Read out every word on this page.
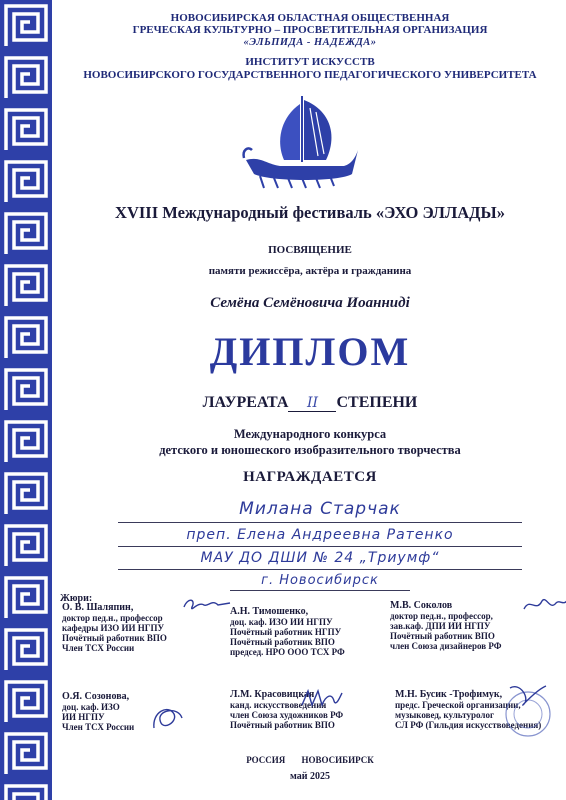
НОВОСИБИРСКАЯ ОБЛАСТНАЯ ОБЩЕСТВЕННАЯ
ГРЕЧЕСКАЯ КУЛЬТУРНО – ПРОСВЕТИТЕЛЬНАЯ ОРГАНИЗАЦИЯ
«ЭЛЬПИДА - НАДЕЖДА»
ИНСТИТУТ ИСКУССТВ
НОВОСИБИРСКОГО ГОСУДАРСТВЕННОГО ПЕДАГОГИЧЕСКОГО УНИВЕРСИТЕТА
XVIII Международный фестиваль «ЭХО ЭЛЛАДЫ»
ПОСВЯЩЕНИЕ
памяти режиссёра, актёра и гражданина
Семёна Семёновича Иоаннидi
ДИПЛОМ
ЛАУРЕАТА II СТЕПЕНИ
Международного конкурса
детского и юношеского изобразительного творчества
НАГРАЖДАЕТСЯ
Милана Старчак
преп. Елена Андреевна Ратенко
МАУ ДО ДШИ № 24 „Триумф“
г. Новосибирск
Жюри:
О. В. Шаляпин,
доктор пед.н., профессор
кафедры ИЗО ИИ НГПУ
Почётный работник ВПО
Член ТСХ России
А.Н. Тимошенко,
доц. каф. ИЗО ИИ НГПУ
Почётный работник НГПУ
Почётный работник ВПО
председ. НРО ООО ТСХ РФ
М.В. Соколов
доктор пед.н., профессор,
зав.каф. ДПИ ИИ НГПУ
Почётный работник ВПО
член Союза дизайнеров РФ
О.Я. Созонова,
доц. каф. ИЗО
ИИ НГПУ
Член ТСХ России
Л.М. Красовицкая
канд. искусствоведения
член Союза художников РФ
Почётный работник ВПО
М.Н. Бусик -Трофимук,
предс. Греческой организации,
музыковед, культуролог
СЛ РФ (Гильдия искусствоведения)
РОССИЯ НОВОСИБИРСК
май 2025
